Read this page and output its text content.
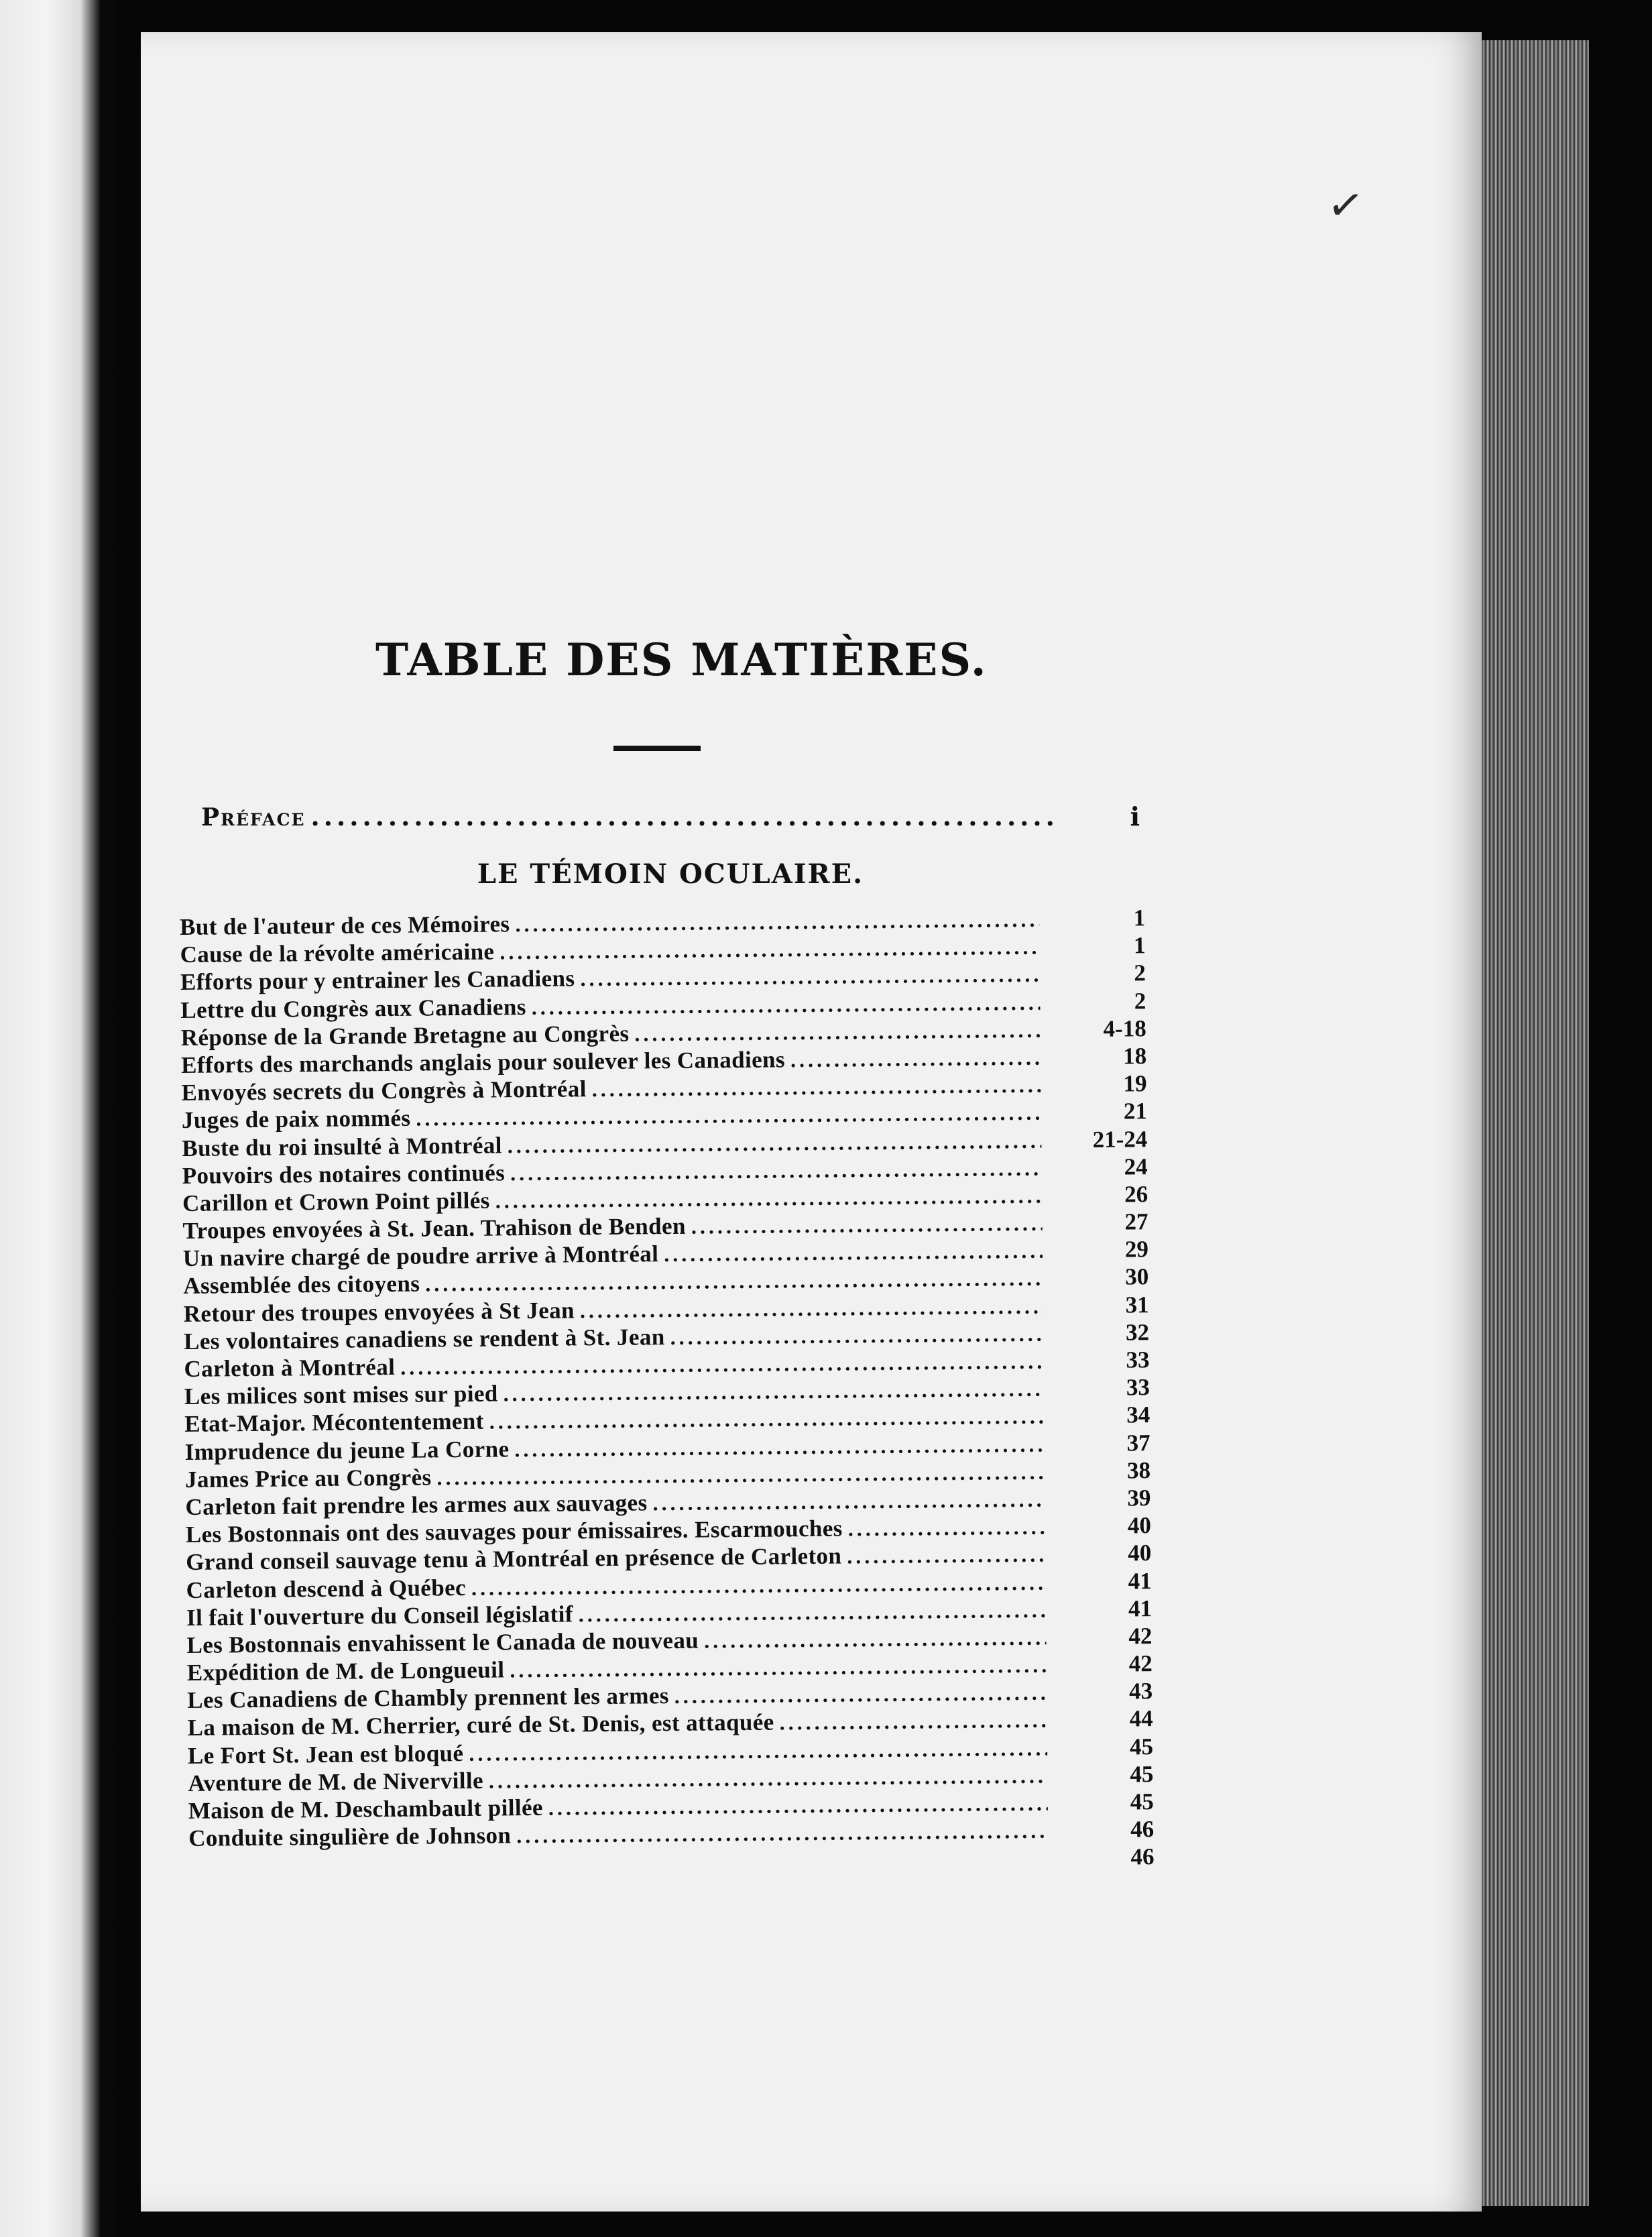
✓
TABLE DES MATIÈRES.
Préface .....	i
LE TÉMOIN OCULAIRE.
But de l'auteur de ces Mémoires .....	1
Cause de la révolte américaine .....	1
Efforts pour y entrainer les Canadiens .....	2
Lettre du Congrès aux Canadiens .....	2
Réponse de la Grande Bretagne au Congrès .....	4-18
Efforts des marchands anglais pour soulever les Canadiens .....	18
Envoyés secrets du Congrès à Montréal .....	19
Juges de paix nommés .....	21
Buste du roi insulté à Montréal .....	21-24
Pouvoirs des notaires continués .....	24
Carillon et Crown Point pillés .....	26
Troupes envoyées à St. Jean. Trahison de Benden .....	27
Un navire chargé de poudre arrive à Montréal .....	29
Assemblée des citoyens .....	30
Retour des troupes envoyées à St Jean .....	31
Les volontaires canadiens se rendent à St. Jean .....	32
Carleton à Montréal .....	33
Les milices sont mises sur pied .....	33
Etat-Major. Mécontentement .....	34
Imprudence du jeune La Corne .....	37
James Price au Congrès .....	38
Carleton fait prendre les armes aux sauvages .....	39
Les Bostonnais ont des sauvages pour émissaires. Escarmouches .....	40
Grand conseil sauvage tenu à Montréal en présence de Carleton .....	40
Carleton descend à Québec .....	41
Il fait l'ouverture du Conseil législatif .....	41
Les Bostonnais envahissent le Canada de nouveau .....	42
Expédition de M. de Longueuil .....	42
Les Canadiens de Chambly prennent les armes .....	43
La maison de M. Cherrier, curé de St. Denis, est attaquée .....	44
Le Fort St. Jean est bloqué .....	45
Aventure de M. de Niverville .....	45
Maison de M. Deschambault pillée .....	45
Conduite singulière de Johnson .....	46
46
